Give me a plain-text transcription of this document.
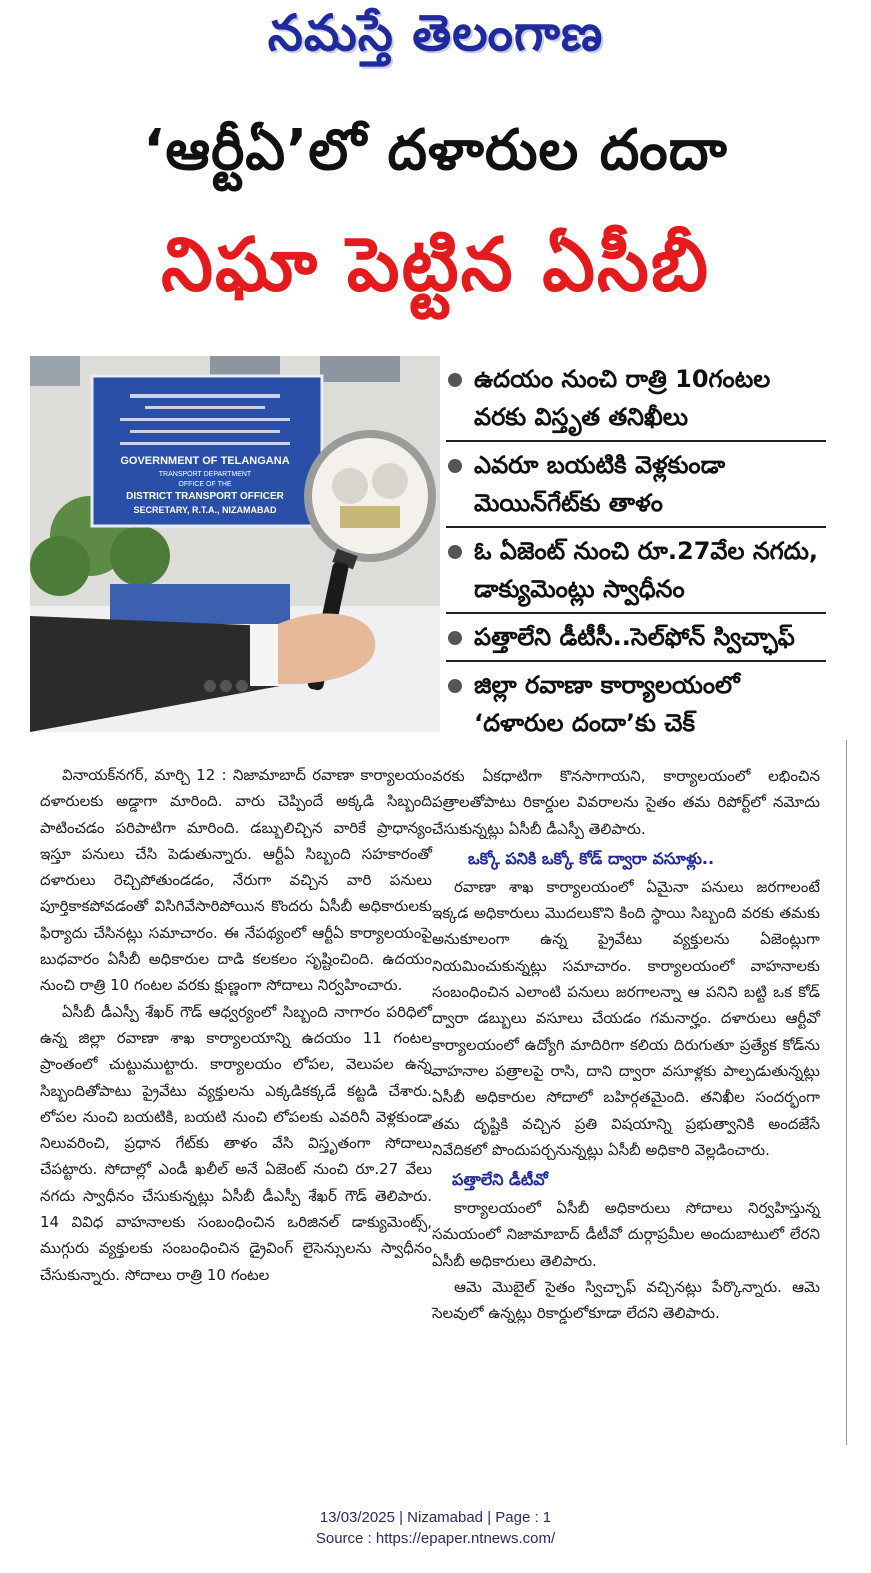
నమస్తే తెలంగాణ
‘ఆర్టీఏ’లో దళారుల దందా
నిఘా పెట్టిన ఏసీబీ
GOVERNMENT OF TELANGANA
TRANSPORT DEPARTMENT
OFFICE OF THE
DISTRICT TRANSPORT OFFICER
SECRETARY, R.T.A., NIZAMABAD
ఉదయం నుంచి రాత్రి 10గంటల వరకు విస్తృత తనిఖీలు
ఎవరూ బయటికి వెళ్లకుండా మెయిన్‌గేట్‌కు తాళం
ఓ ఏజెంట్ నుంచి రూ.27వేల నగదు, డాక్యుమెంట్లు స్వాధీనం
పత్తాలేని డీటీసీ..సెల్‌ఫోన్ స్విచ్ఛాఫ్
జిల్లా రవాణా కార్యాలయంలో ‘దళారుల దందా’కు చెక్

వినాయక్‌నగర్, మార్చి 12 : నిజామాబాద్ రవాణా కార్యాలయం దళారులకు అడ్డాగా మారింది. వారు చెప్పిందే అక్కడి సిబ్బంది పాటించడం పరిపాటిగా మారింది. డబ్బులిచ్చిన వారికే ప్రాధాన్యం ఇస్తూ పనులు చేసి పెడుతున్నారు. ఆర్టీఏ సిబ్బంది సహకారంతో దళారులు రెచ్చిపోతుండడం, నేరుగా వచ్చిన వారి పనులు పూర్తికాకపోవడంతో విసిగివేసారిపోయిన కొందరు ఏసీబీ అధికారులకు ఫిర్యాదు చేసినట్లు సమాచారం. ఈ నేపథ్యంలో ఆర్టీఏ కార్యాలయంపై బుధవారం ఏసీబీ అధికారుల దాడి కలకలం సృష్టించింది. ఉదయం నుంచి రాత్రి 10 గంటల వరకు క్షుణ్ణంగా సోదాలు నిర్వహించారు.

ఏసీబీ డీఎస్పీ శేఖర్ గౌడ్ ఆధ్వర్యంలో సిబ్బంది నాగారం పరిధిలో ఉన్న జిల్లా రవాణా శాఖ కార్యాలయాన్ని ఉదయం 11 గంటల ప్రాంతంలో చుట్టుముట్టారు. కార్యాలయం లోపల, వెలుపల ఉన్న సిబ్బందితోపాటు ప్రైవేటు వ్యక్తులను ఎక్కడికక్కడే కట్టడి చేశారు. లోపల నుంచి బయటికి, బయటి నుంచి లోపలకు ఎవరినీ వెళ్లకుండా నిలువరించి, ప్రధాన గేట్‌కు తాళం వేసి విస్తృతంగా సోదాలు చేపట్టారు. సోదాల్లో ఎండీ ఖలీల్ అనే ఏజెంట్ నుంచి రూ.27 వేలు నగదు స్వాధీనం చేసుకున్నట్లు ఏసీబీ డీఎస్పీ శేఖర్ గౌడ్ తెలిపారు. 14 వివిధ వాహనాలకు సంబంధించిన ఒరిజినల్ డాక్యుమెంట్స్, ముగ్గురు వ్యక్తులకు సంబంధించిన డ్రైవింగ్ లైసెన్సులను స్వాధీనం చేసుకున్నారు. సోదాలు రాత్రి 10 గంటల

వరకు ఏకధాటిగా కొనసాగాయని, కార్యాలయంలో లభించిన పత్రాలతోపాటు రికార్డుల వివరాలను సైతం తమ రిపోర్ట్‌లో నమోదు చేసుకున్నట్లు ఏసీబీ డీఎస్పీ తెలిపారు.

ఒక్కో పనికి ఒక్కో కోడ్ ద్వారా వసూళ్లు..

రవాణా శాఖ కార్యాలయంలో ఏమైనా పనులు జరగాలంటే ఇక్కడ అధికారులు మొదలుకొని కింది స్థాయి సిబ్బంది వరకు తమకు అనుకూలంగా ఉన్న ప్రైవేటు వ్యక్తులను ఏజెంట్లుగా నియమించుకున్నట్లు సమాచారం. కార్యాలయంలో వాహనాలకు సంబంధించిన ఎలాంటి పనులు జరగాలన్నా ఆ పనిని బట్టి ఒక కోడ్ ద్వారా డబ్బులు వసూలు చేయడం గమనార్హం. దళారులు ఆర్టీవో కార్యాలయంలో ఉద్యోగి మాదిరిగా కలియ దిరుగుతూ ప్రత్యేక కోడ్‌ను వాహనాల పత్రాలపై రాసి, దాని ద్వారా వసూళ్లకు పాల్పడుతున్నట్లు ఏసీబీ అధికారుల సోదాలో బహిర్గతమైంది. తనిఖీల సందర్భంగా తమ దృష్టికి వచ్చిన ప్రతి విషయాన్ని ప్రభుత్వానికి అందజేసే నివేదికలో పొందుపర్చనున్నట్లు ఏసీబీ అధికారి వెల్లడించారు.

పత్తాలేని డీటీవో

కార్యాలయంలో ఏసీబీ అధికారులు సోదాలు నిర్వహిస్తున్న సమయంలో నిజామాబాద్ డీటీవో దుర్గాప్రమీల అందుబాటులో లేరని ఏసీబీ అధికారులు తెలిపారు.

ఆమె మొబైల్ సైతం స్విచ్ఛాఫ్ వచ్చినట్లు పేర్కొన్నారు. ఆమె సెలవులో ఉన్నట్లు రికార్డులోకూడా లేదని తెలిపారు.

13/03/2025 | Nizamabad | Page : 1
Source : https://epaper.ntnews.com/
